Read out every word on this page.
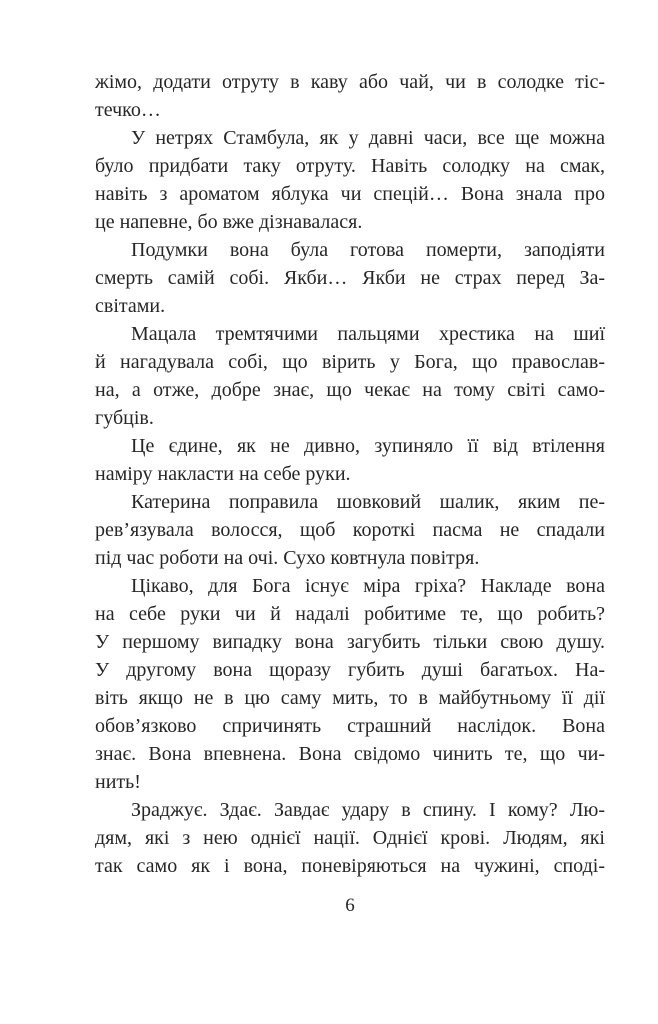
жімо, додати отруту в каву або чай, чи в солодке тіс-
течко…
У нетрях Стамбула, як у давні часи, все ще можна
було придбати таку отруту. Навіть солодку на смак,
навіть з ароматом яблука чи спецій… Вона знала про
це напевне, бо вже дізнавалася.
Подумки вона була готова померти, заподіяти
смерть самій собі. Якби… Якби не страх перед За-
світами.
Мацала тремтячими пальцями хрестика на шиї
й нагадувала собі, що вірить у Бога, що православ-
на, а отже, добре знає, що чекає на тому світі само-
губців.
Це єдине, як не дивно, зупиняло її від втілення
наміру накласти на себе руки.
Катерина поправила шовковий шалик, яким пе-
рев’язувала волосся, щоб короткі пасма не спадали
під час роботи на очі. Сухо ковтнула повітря.
Цікаво, для Бога існує міра гріха? Накладе вона
на себе руки чи й надалі робитиме те, що робить?
У першому випадку вона загубить тільки свою душу.
У другому вона щоразу губить душі багатьох. На-
віть якщо не в цю саму мить, то в майбутньому її дії
обов’язково спричинять страшний наслідок. Вона
знає. Вона впевнена. Вона свідомо чинить те, що чи-
нить!
Зраджує. Здає. Завдає удару в спину. І кому? Лю-
дям, які з нею однієї нації. Однієї крові. Людям, які
так само як і вона, поневіряються на чужині, споді-
6
